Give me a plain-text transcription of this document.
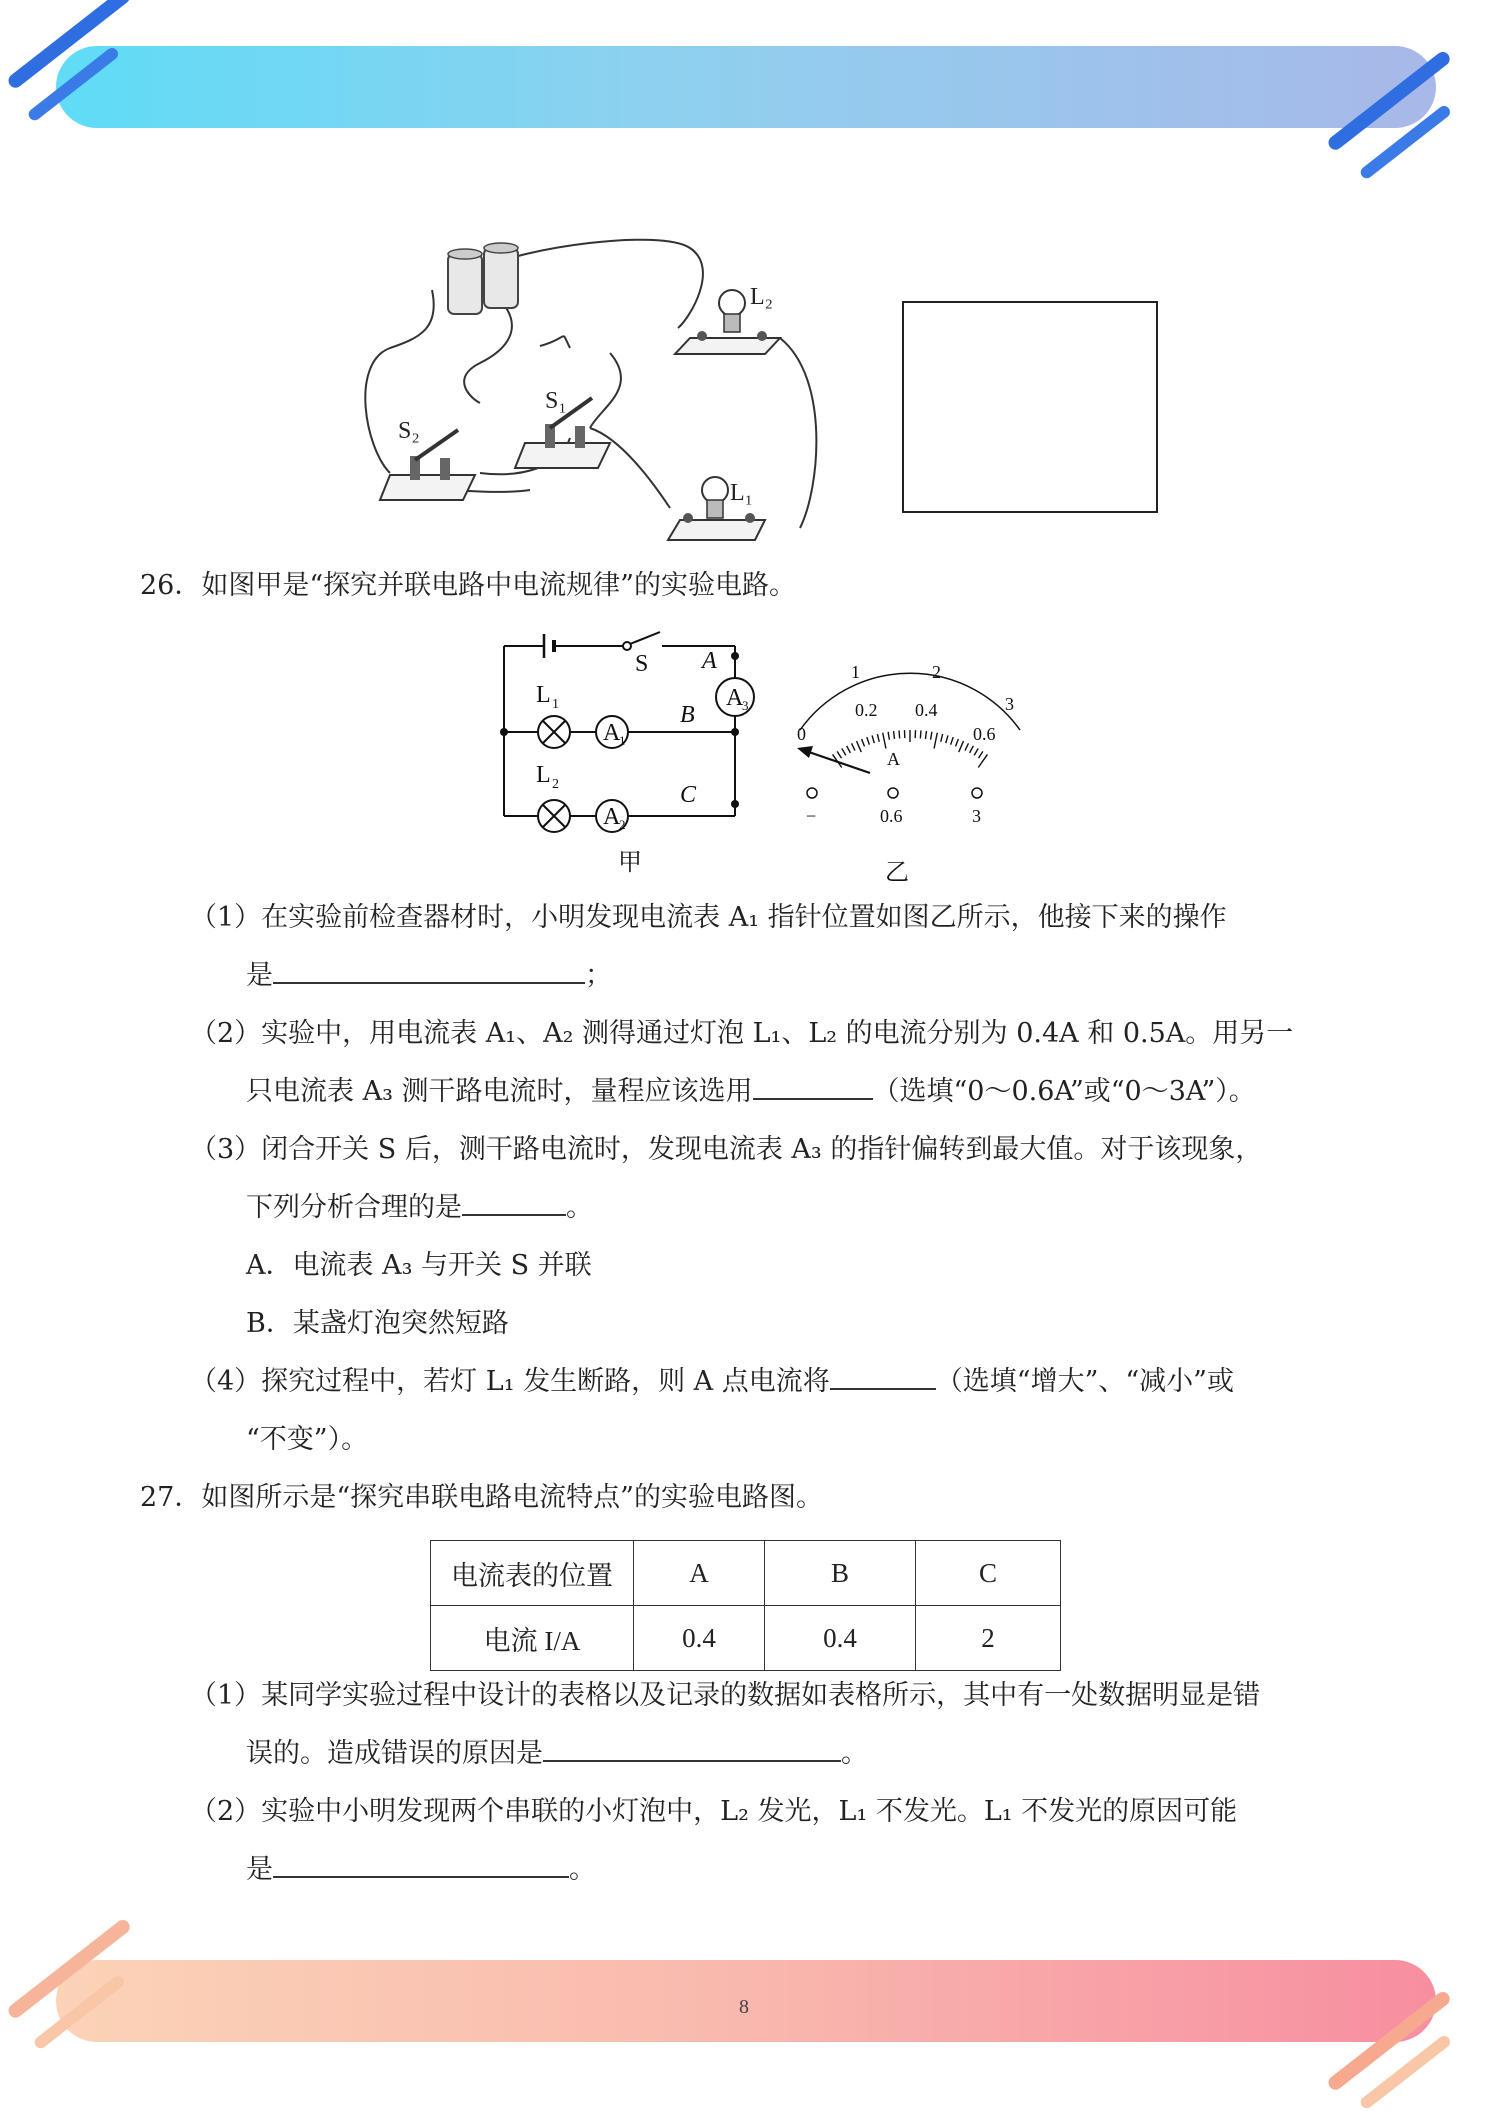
8
L₂
S₁
S₂
L₁
26．如图甲是“探究并联电路中电流规律”的实验电路。
S A
B
C
L 1
L 2
A
1
A
2
A
3
甲
1	2
3
0
0.2 0.4
0.6
A
−	0.6	3
乙
（1）在实验前检查器材时，小明发现电流表 A₁ 指针位置如图乙所示，他接下来的操作
是	；
（2）实验中，用电流表 A₁、A₂ 测得通过灯泡 L₁、L₂ 的电流分别为 0.4A 和 0.5A。用另一
只电流表 A₃ 测干路电流时，量程应该选用	（选填“0～0.6A”或“0～3A”）。
（3）闭合开关 S 后，测干路电流时，发现电流表 A₃ 的指针偏转到最大值。对于该现象，
下列分析合理的是	。
A．电流表 A₃ 与开关 S 并联
B．某盏灯泡突然短路
（4）探究过程中，若灯 L₁ 发生断路，则 A 点电流将	（选填“增大”、“减小”或
“不变”）。
27．如图所示是“探究串联电路电流特点”的实验电路图。
电流表的位置	A	B	C
电流 I/A	0.4	0.4	2
（1）某同学实验过程中设计的表格以及记录的数据如表格所示，其中有一处数据明显是错
误的。造成错误的原因是	。
（2）实验中小明发现两个串联的小灯泡中，L₂ 发光，L₁ 不发光。L₁ 不发光的原因可能
是	。
